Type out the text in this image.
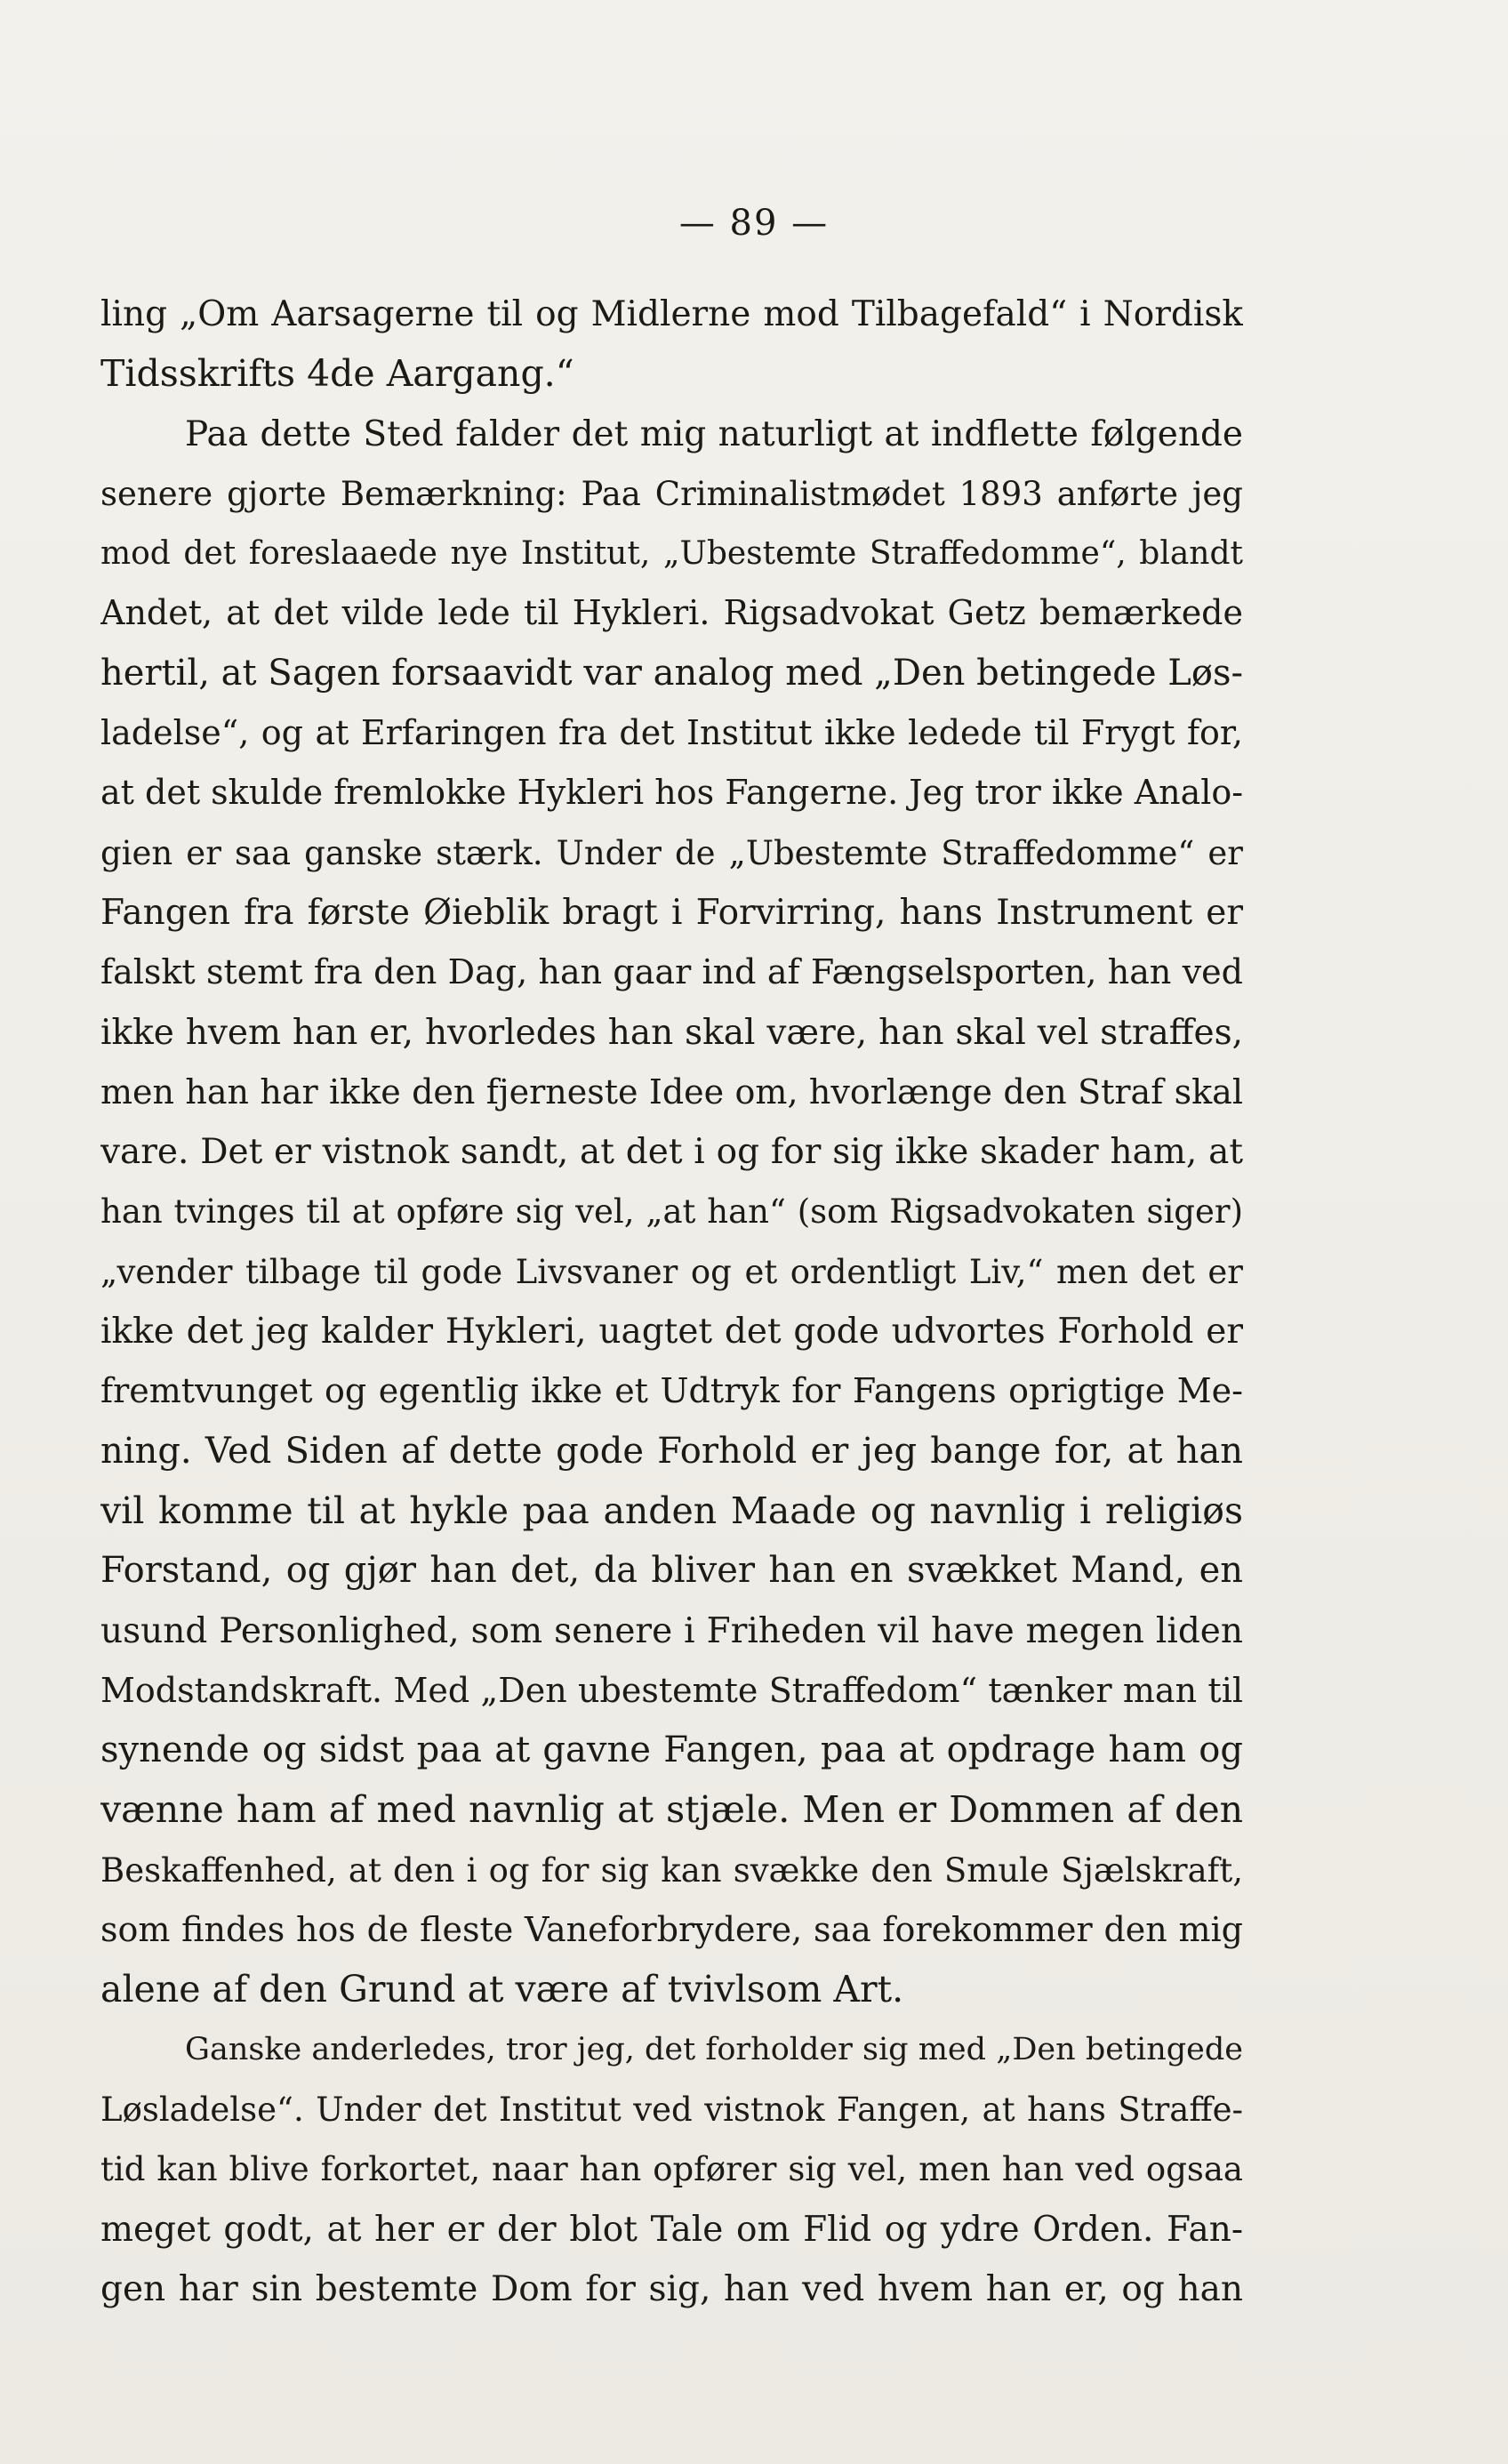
— 89 —
ling „Om Aarsagerne til og Midlerne mod Tilbagefald“ i Nordisk
Tidsskrifts 4de Aargang.“
Paa dette Sted falder det mig naturligt at indflette følgende
senere gjorte Bemærkning: Paa Criminalistmødet 1893 anførte jeg
mod det foreslaaede nye Institut, „Ubestemte Straffedomme“, blandt
Andet, at det vilde lede til Hykleri. Rigsadvokat Getz bemærkede
hertil, at Sagen forsaavidt var analog med „Den betingede Løs-
ladelse“, og at Erfaringen fra det Institut ikke ledede til Frygt for,
at det skulde fremlokke Hykleri hos Fangerne. Jeg tror ikke Analo-
gien er saa ganske stærk. Under de „Ubestemte Straffedomme“ er
Fangen fra første Øieblik bragt i Forvirring, hans Instrument er
falskt stemt fra den Dag, han gaar ind af Fængselsporten, han ved
ikke hvem han er, hvorledes han skal være, han skal vel straffes,
men han har ikke den fjerneste Idee om, hvorlænge den Straf skal
vare. Det er vistnok sandt, at det i og for sig ikke skader ham, at
han tvinges til at opføre sig vel, „at han“ (som Rigsadvokaten siger)
„vender tilbage til gode Livsvaner og et ordentligt Liv,“ men det er
ikke det jeg kalder Hykleri, uagtet det gode udvortes Forhold er
fremtvunget og egentlig ikke et Udtryk for Fangens oprigtige Me-
ning. Ved Siden af dette gode Forhold er jeg bange for, at han
vil komme til at hykle paa anden Maade og navnlig i religiøs
Forstand, og gjør han det, da bliver han en svækket Mand, en
usund Personlighed, som senere i Friheden vil have megen liden
Modstandskraft. Med „Den ubestemte Straffedom“ tænker man til
synende og sidst paa at gavne Fangen, paa at opdrage ham og
vænne ham af med navnlig at stjæle. Men er Dommen af den
Beskaffenhed, at den i og for sig kan svække den Smule Sjælskraft,
som findes hos de fleste Vaneforbrydere, saa forekommer den mig
alene af den Grund at være af tvivlsom Art.
Ganske anderledes, tror jeg, det forholder sig med „Den betingede
Løsladelse“. Under det Institut ved vistnok Fangen, at hans Straffe-
tid kan blive forkortet, naar han opfører sig vel, men han ved ogsaa
meget godt, at her er der blot Tale om Flid og ydre Orden. Fan-
gen har sin bestemte Dom for sig, han ved hvem han er, og han
